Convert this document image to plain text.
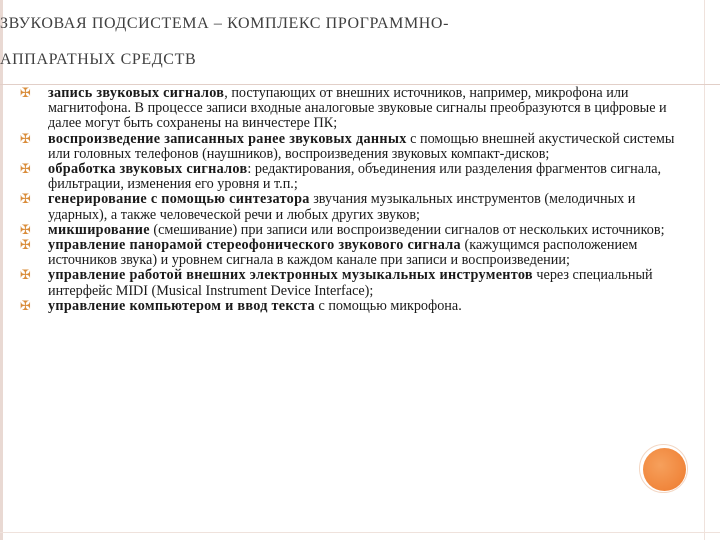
ЗВУКОВАЯ ПОДСИСТЕМА – КОМПЛЕКС ПРОГРАММНО-
АППАРАТНЫХ СРЕДСТВ
✠	запись звуковых сигналов, поступающих от внешних источников, например, микрофона или магнитофона. В процессе записи входные аналоговые звуковые сигналы преобразуются в цифровые и далее могут быть сохранены на винчестере ПК;
✠	воспроизведение записанных ранее звуковых данных с помощью внешней акустической системы или головных телефонов (наушников), воспроизведения звуковых компакт-дисков;
✠	обработка звуковых сигналов: редактирования, объединения или разделения фрагментов сигнала, фильтрации, изменения его уровня и т.п.;
✠	генерирование с помощью синтезатора звучания музыкальных инструментов (мелодичных и ударных), а также человеческой речи и любых других звуков;
✠	микширование (смешивание) при записи или воспроизведении сигналов от нескольких источников;
✠	управление панорамой стереофонического звукового сигнала (кажущимся расположением источников звука) и уровнем сигнала в каждом канале при записи и воспроизведении;
✠	управление работой внешних электронных музыкальных инструментов через специальный интерфейс MIDI (Musical Instrument Device Interface);
✠	управление компьютером и ввод текста с помощью микрофона.
